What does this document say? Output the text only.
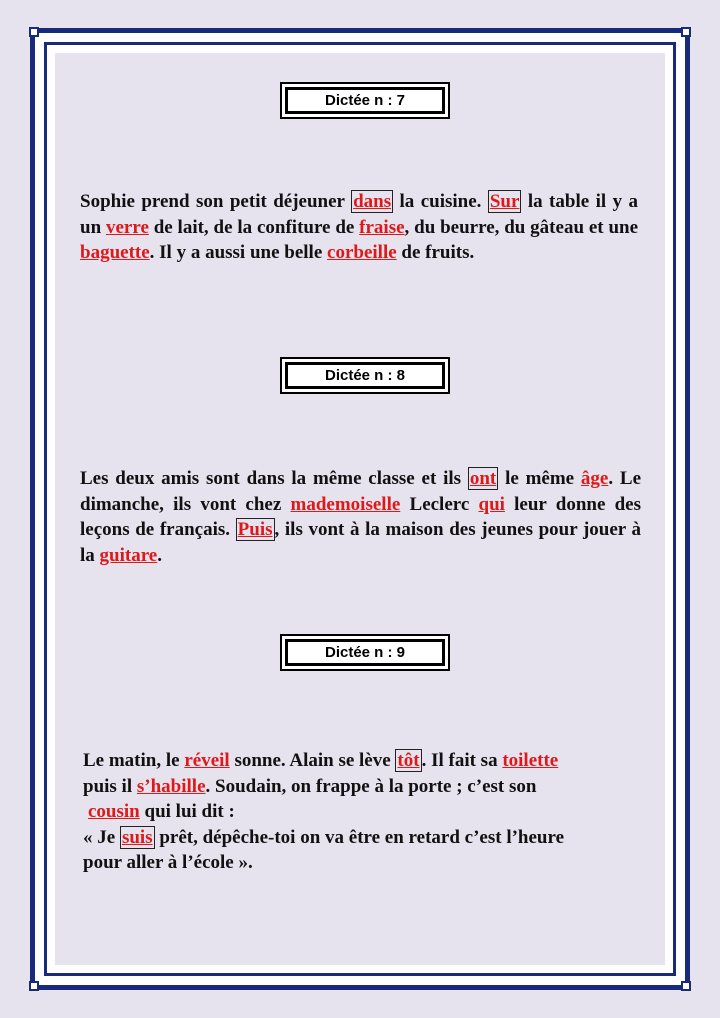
Dictée n : 7
Sophie prend son petit déjeuner dans la cuisine. Sur la table il y a un verre de lait, de la confiture de fraise, du beurre, du gâteau et une baguette. Il y a aussi une belle corbeille de fruits.
Dictée n : 8
Les deux amis sont dans la même classe et ils ont le même âge. Le dimanche, ils vont chez mademoiselle Leclerc qui leur donne des leçons de français. Puis , ils vont à la maison des jeunes pour jouer à la guitare.
Dictée n : 9
Le matin, le réveil sonne. Alain se lève tôt . Il fait sa toilette
puis il s’habille. Soudain, on frappe à la porte ; c’est son
cousin qui lui dit :
« Je suis prêt, dépêche-toi on va être en retard c’est l’heure
pour aller à l’école ».
